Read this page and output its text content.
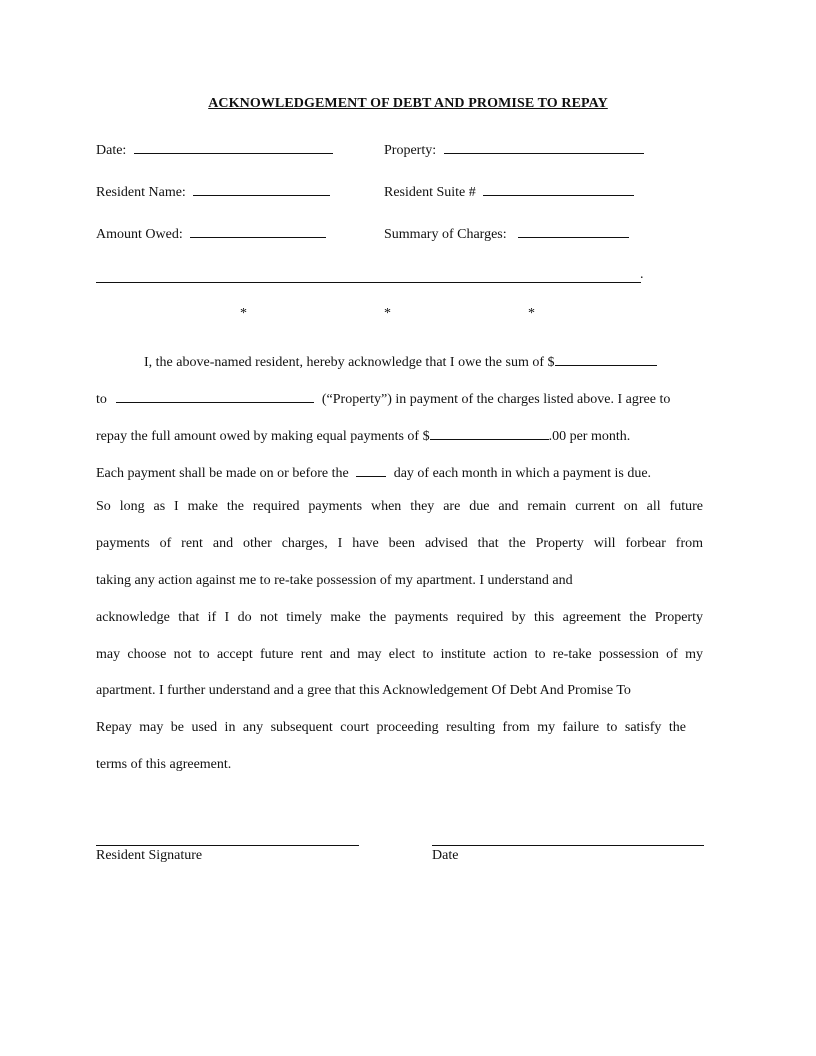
ACKNOWLEDGEMENT OF DEBT AND PROMISE TO REPAY
Date:	Property:
Resident Name:	Resident Suite #
Amount Owed:	Summary of Charges:
.
*	*	*
I, the above-named resident, hereby acknowledge that I owe the sum of $
to	(“Property”) in payment of the charges listed above. I agree to
repay the full amount owed by making equal payments of $	.00 per month.
Each payment shall be made on or before the	day of each month in which a payment is due.
So long as I make the required payments when they are due and remain current on all future
payments of rent and other charges, I have been advised that the Property will forbear from
taking any action against me to re-take possession of my apartment. I understand and
acknowledge that if I do not timely make the payments required by this agreement the Property
may choose not to accept future rent and may elect to institute action to re-take possession of my
apartment. I further understand and a gree that this Acknowledgement Of Debt And Promise To
Repay may be used in any subsequent court proceeding resulting from my failure to satisfy the
terms of this agreement.
Resident Signature	Date
